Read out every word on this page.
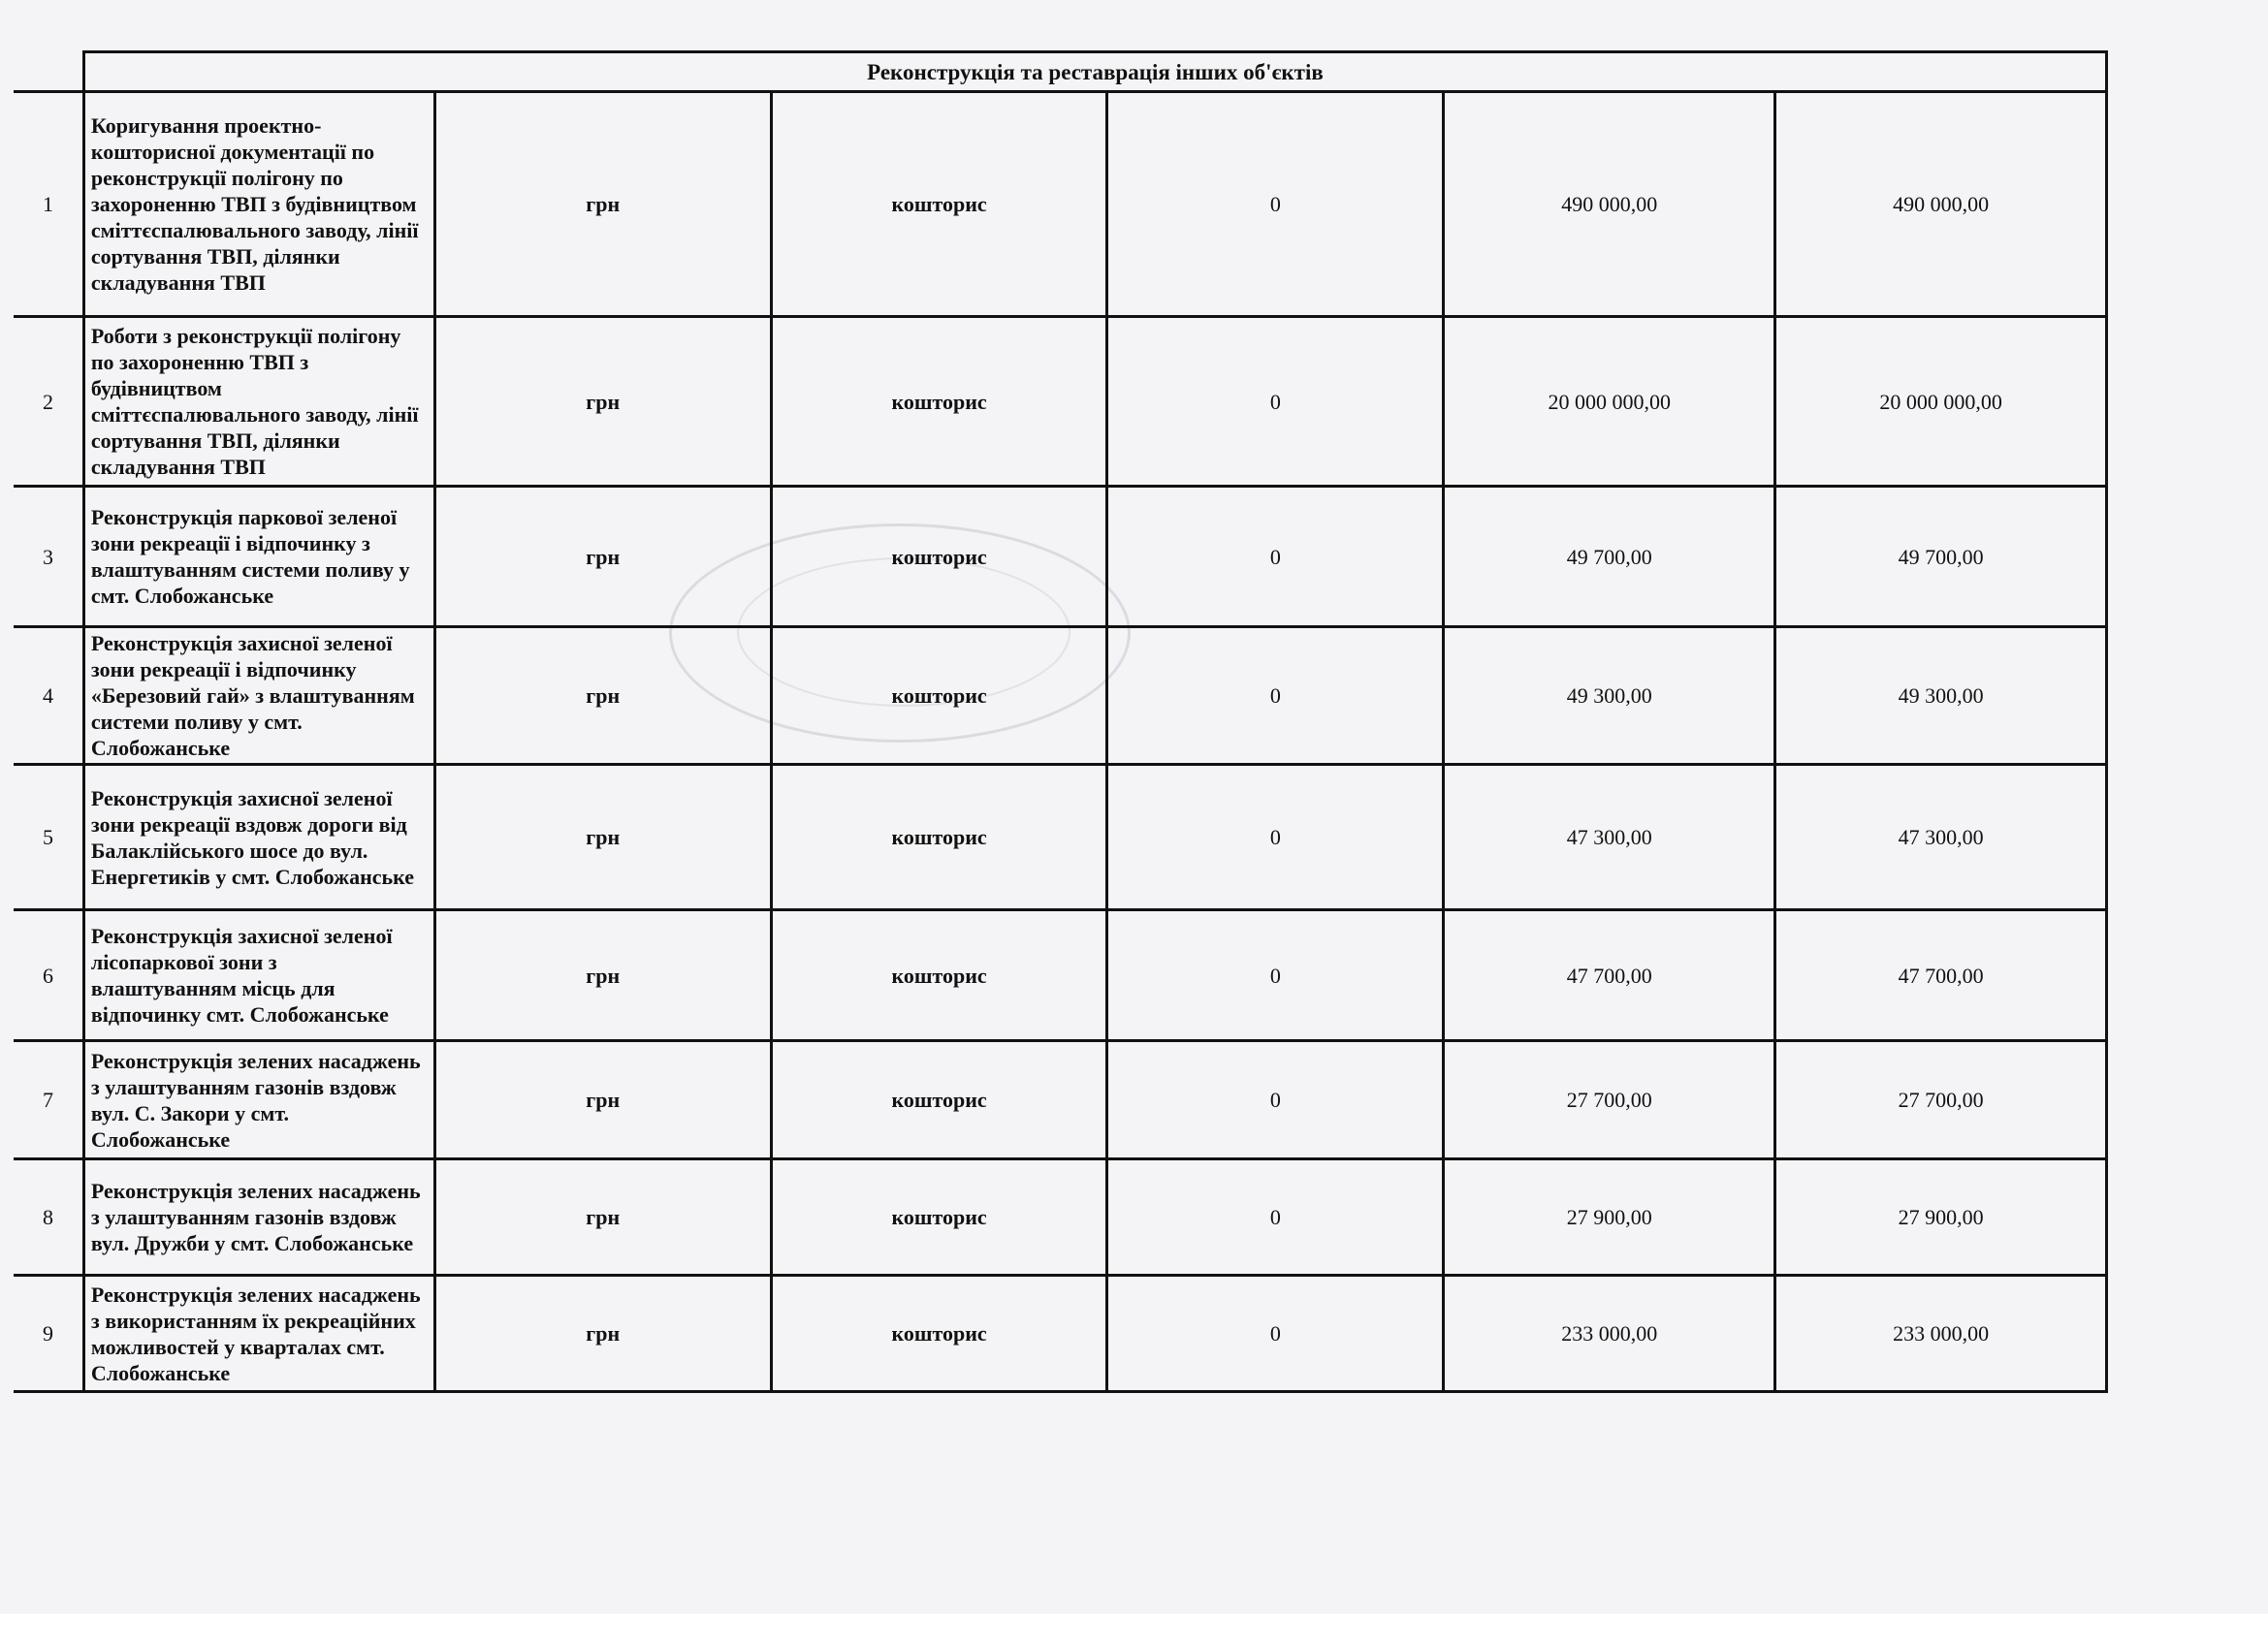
	Реконструкція та реставрація інших об'єктів					
1	Коригування проектно-кошторисної документації по реконструкції полігону по захороненню ТВП з будівництвом сміттєспалювального заводу, лінії сортування ТВП, ділянки складування ТВП	грн	кошторис	0	490 000,00	490 000,00
2	Роботи з реконструкції полігону по захороненню ТВП з будівництвом сміттєспалювального заводу, лінії сортування ТВП, ділянки складування ТВП	грн	кошторис	0	20 000 000,00	20 000 000,00
3	Реконструкція паркової зеленої зони рекреації і відпочинку з влаштуванням системи поливу у смт. Слобожанське	грн	кошторис	0	49 700,00	49 700,00
4	Реконструкція захисної зеленої зони рекреації і відпочинку «Березовий гай» з влаштуванням системи поливу у смт. Слобожанське	грн	кошторис	0	49 300,00	49 300,00
5	Реконструкція захисної зеленої зони рекреації вздовж дороги від Балаклійського шосе до вул. Енергетиків у смт. Слобожанське	грн	кошторис	0	47 300,00	47 300,00
6	Реконструкція захисної зеленої лісопаркової зони з влаштуванням місць для відпочинку смт. Слобожанське	грн	кошторис	0	47 700,00	47 700,00
7	Реконструкція зелених насаджень з улаштуванням газонів вздовж вул. С. Закори у смт. Слобожанське	грн	кошторис	0	27 700,00	27 700,00
8	Реконструкція зелених насаджень з улаштуванням газонів вздовж вул. Дружби у смт. Слобожанське	грн	кошторис	0	27 900,00	27 900,00
9	Реконструкція зелених насаджень з використанням їх рекреаційних можливостей у кварталах смт. Слобожанське	грн	кошторис	0	233 000,00	233 000,00
